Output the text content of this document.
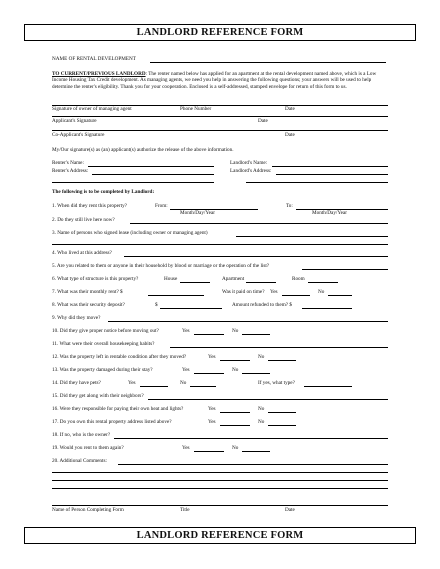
LANDLORD REFERENCE FORM
NAME OF RENTAL DEVELOPMENT
TO CURRENT/PREVIOUS LANDLORD: The renter named below has applied for an apartment at the rental development named above, which is a Low Income Housing Tax Credit development. As managing agents, we need you help in answering the following questions; your answers will be used to help determine the renter's eligibility. Thank you for your cooperation. Enclosed is a self-addressed, stamped envelope for return of this form to us.
Signature of owner of managing agent	Phone Number	Date
Applicant's Signature	Date
Co-Applicant's Signature	Date
My/Our signature(s) as (an) applicant(s) authorize the release of the above information.
Renter's Name:	Landlord's Name:
Renter's Address:	Landlord's Address:
The following is to be completed by Landlord:
1. When did they rent this property?	From:
Month/Day/Year
To:
Month/Day/Year
2. Do they still live here now?
3. Name of persons who signed lease (including owner or managing agent)
4. Who lived at this address?
5. Are you related to them or anyone in their household by blood or marriage or the operation of the list?
6. What type of structure is this property?	House	Apartment	Room
7. What was their monthly rent? $	Was it paid on time? Yes	No
8. What was their security deposit?	$	Amount refunded to them? $
9. Why did they move?
10. Did they give proper notice before moving out?	Yes	No
11. What were their overall housekeeping habits?
12. Was the property left in rentable condition after they moved?	Yes	No
13. Was the property damaged during their stay?	Yes	No
14. Did they have pets?	Yes	No	If yes, what type?
15. Did they get along with their neighbors?
16. Were they responsible for paying their own heat and lights?	Yes	No
17. Do you own this rental property address listed above?	Yes	No
18. If no, who is the owner?
19. Would you rent to them again?	Yes	No
20. Additional Comments:
Name of Person Completing Form	Title	Date
LANDLORD REFERENCE FORM
